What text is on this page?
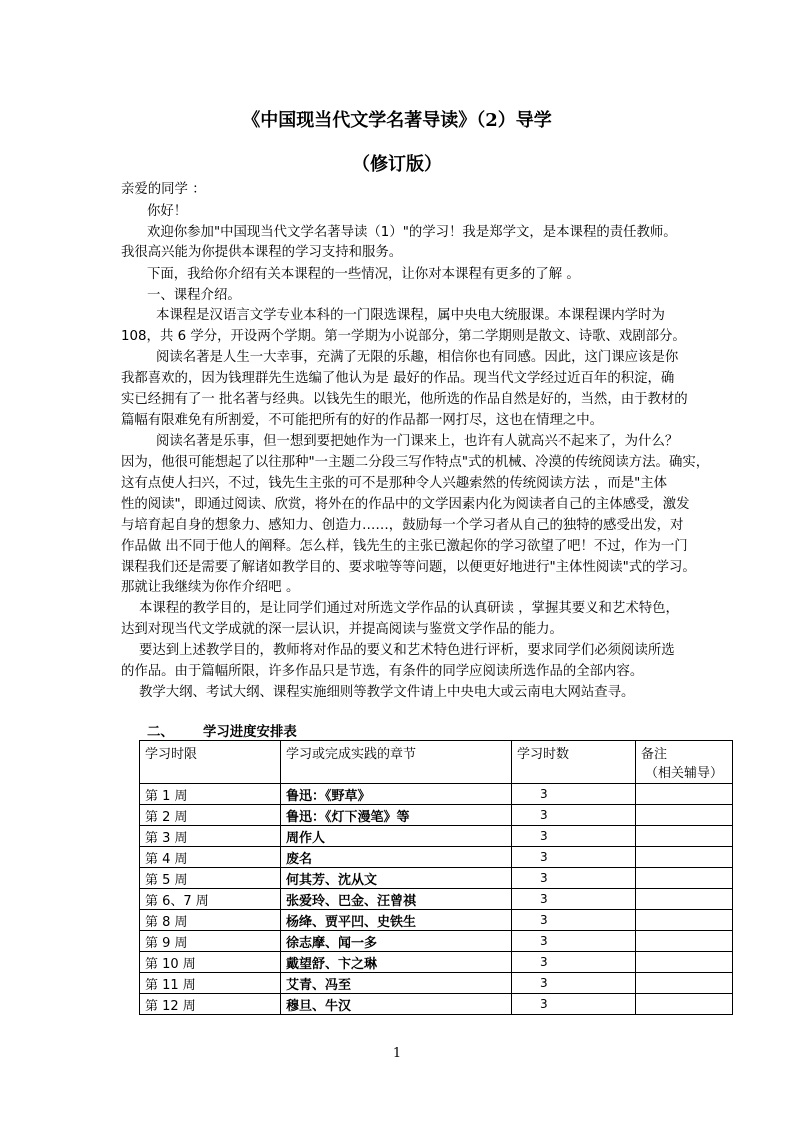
《中国现当代文学名著导读》（2）导学
（修订版）
亲爱的同学 ：
你好！
欢迎你参加"中国现当代文学名著导读（1）"的学习！我是郑学文，是本课程的责任教师。
我很高兴能为你提供本课程的学习支持和服务。
下面，我给你介绍有关本课程的一些情况，让你对本课程有更多的了解 。
一、课程介绍。
本课程是汉语言文学专业本科的一门限选课程，属中央电大统服课。本课程课内学时为
108，共 6 学分，开设两个学期。第一学期为小说部分，第二学期则是散文、诗歌、戏剧部分。
阅读名著是人生一大幸事，充满了无限的乐趣，相信你也有同感。因此，这门课应该是你
我都喜欢的，因为钱理群先生选编了他认为是 最好的作品。现当代文学经过近百年的积淀，确
实已经拥有了一 批名著与经典。以钱先生的眼光，他所选的作品自然是好的，当然，由于教材的
篇幅有限难免有所割爱，不可能把所有的好的作品都一网打尽，这也在情理之中。
阅读名著是乐事，但一想到要把她作为一门课来上，也许有人就高兴不起来了，为什么？
因为，他很可能想起了以往那种"一主题二分段三写作特点"式的机械、冷漠的传统阅读方法。确实，
这有点使人扫兴，不过，钱先生主张的可不是那种令人兴趣索然的传统阅读方法 ，而是"主体
性的阅读"，即通过阅读、欣赏，将外在的作品中的文学因素内化为阅读者自己的主体感受，激发
与培育起自身的想象力、感知力、创造力……，鼓励每一个学习者从自己的独特的感受出发，对
作品做 出不同于他人的阐释。怎么样，钱先生的主张已激起你的学习欲望了吧！不过，作为一门
课程我们还是需要了解诸如教学目的、要求啦等等问题，以便更好地进行"主体性阅读"式的学习。
那就让我继续为你作介绍吧 。
本课程的教学目的，是让同学们通过对所选文学作品的认真研读 ，掌握其要义和艺术特色，
达到对现当代文学成就的深一层认识，并提高阅读与鉴赏文学作品的能力。
要达到上述教学目的，教师将对作品的要义和艺术特色进行评析，要求同学们必须阅读所选
的作品。由于篇幅所限，许多作品只是节选，有条件的同学应阅读所选作品的全部内容。
教学大纲、考试大纲、课程实施细则等教学文件请上中央电大或云南电大网站查寻。
二、 学习进度安排表
学习时限	学习或完成实践的章节	学习时数	备注
（相关辅导）

第 1 周	鲁迅：《野草》	3	
第 2 周	鲁迅：《灯下漫笔》等	3	
第 3 周	周作人	3	
第 4 周	废名	3	
第 5 周	何其芳、沈从文	3	
第 6、7 周	张爱玲、巴金、汪曾祺	3	
第 8 周	杨绛、贾平凹、史铁生	3	
第 9 周	徐志摩、闻一多	3	
第 10 周	戴望舒、卞之琳	3	
第 11 周	艾青、冯至	3	
第 12 周	穆旦、牛汉	3	
1
